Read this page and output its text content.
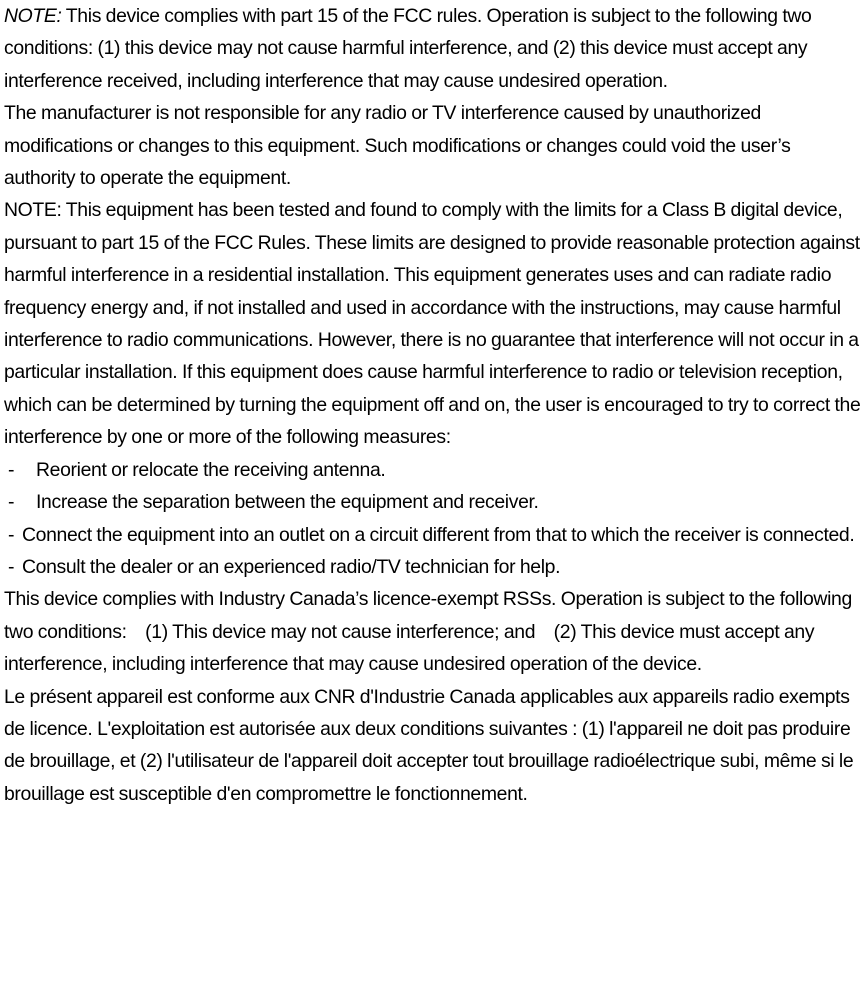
NOTE: This device complies with part 15 of the FCC rules. Operation is subject to the following two conditions: (1) this device may not cause harmful interference, and (2) this device must accept any interference received, including interference that may cause undesired operation.

The manufacturer is not responsible for any radio or TV interference caused by unauthorized modifications or changes to this equipment. Such modifications or changes could void the user’s authority to operate the equipment.

NOTE: This equipment has been tested and found to comply with the limits for a Class B digital device, pursuant to part 15 of the FCC Rules. These limits are designed to provide reasonable protection against harmful interference in a residential installation. This equipment generates uses and can radiate radio frequency energy and, if not installed and used in accordance with the instructions, may cause harmful interference to radio communications. However, there is no guarantee that interference will not occur in a particular installation. If this equipment does cause harmful interference to radio or television reception, which can be determined by turning the equipment off and on, the user is encouraged to try to correct the interference by one or more of the following measures:

- Reorient or relocate the receiving antenna.

- Increase the separation between the equipment and receiver.

- Connect the equipment into an outlet on a circuit different from that to which the receiver is connected.

- Consult the dealer or an experienced radio/TV technician for help.

This device complies with Industry Canada’s licence-exempt RSSs. Operation is subject to the following two conditions:    (1) This device may not cause interference; and    (2) This device must accept any interference, including interference that may cause undesired operation of the device.

Le présent appareil est conforme aux CNR d'Industrie Canada applicables aux appareils radio exempts de licence. L'exploitation est autorisée aux deux conditions suivantes : (1) l'appareil ne doit pas produire de brouillage, et (2) l'utilisateur de l'appareil doit accepter tout brouillage radioélectrique subi, même si le brouillage est susceptible d'en compromettre le fonctionnement.
